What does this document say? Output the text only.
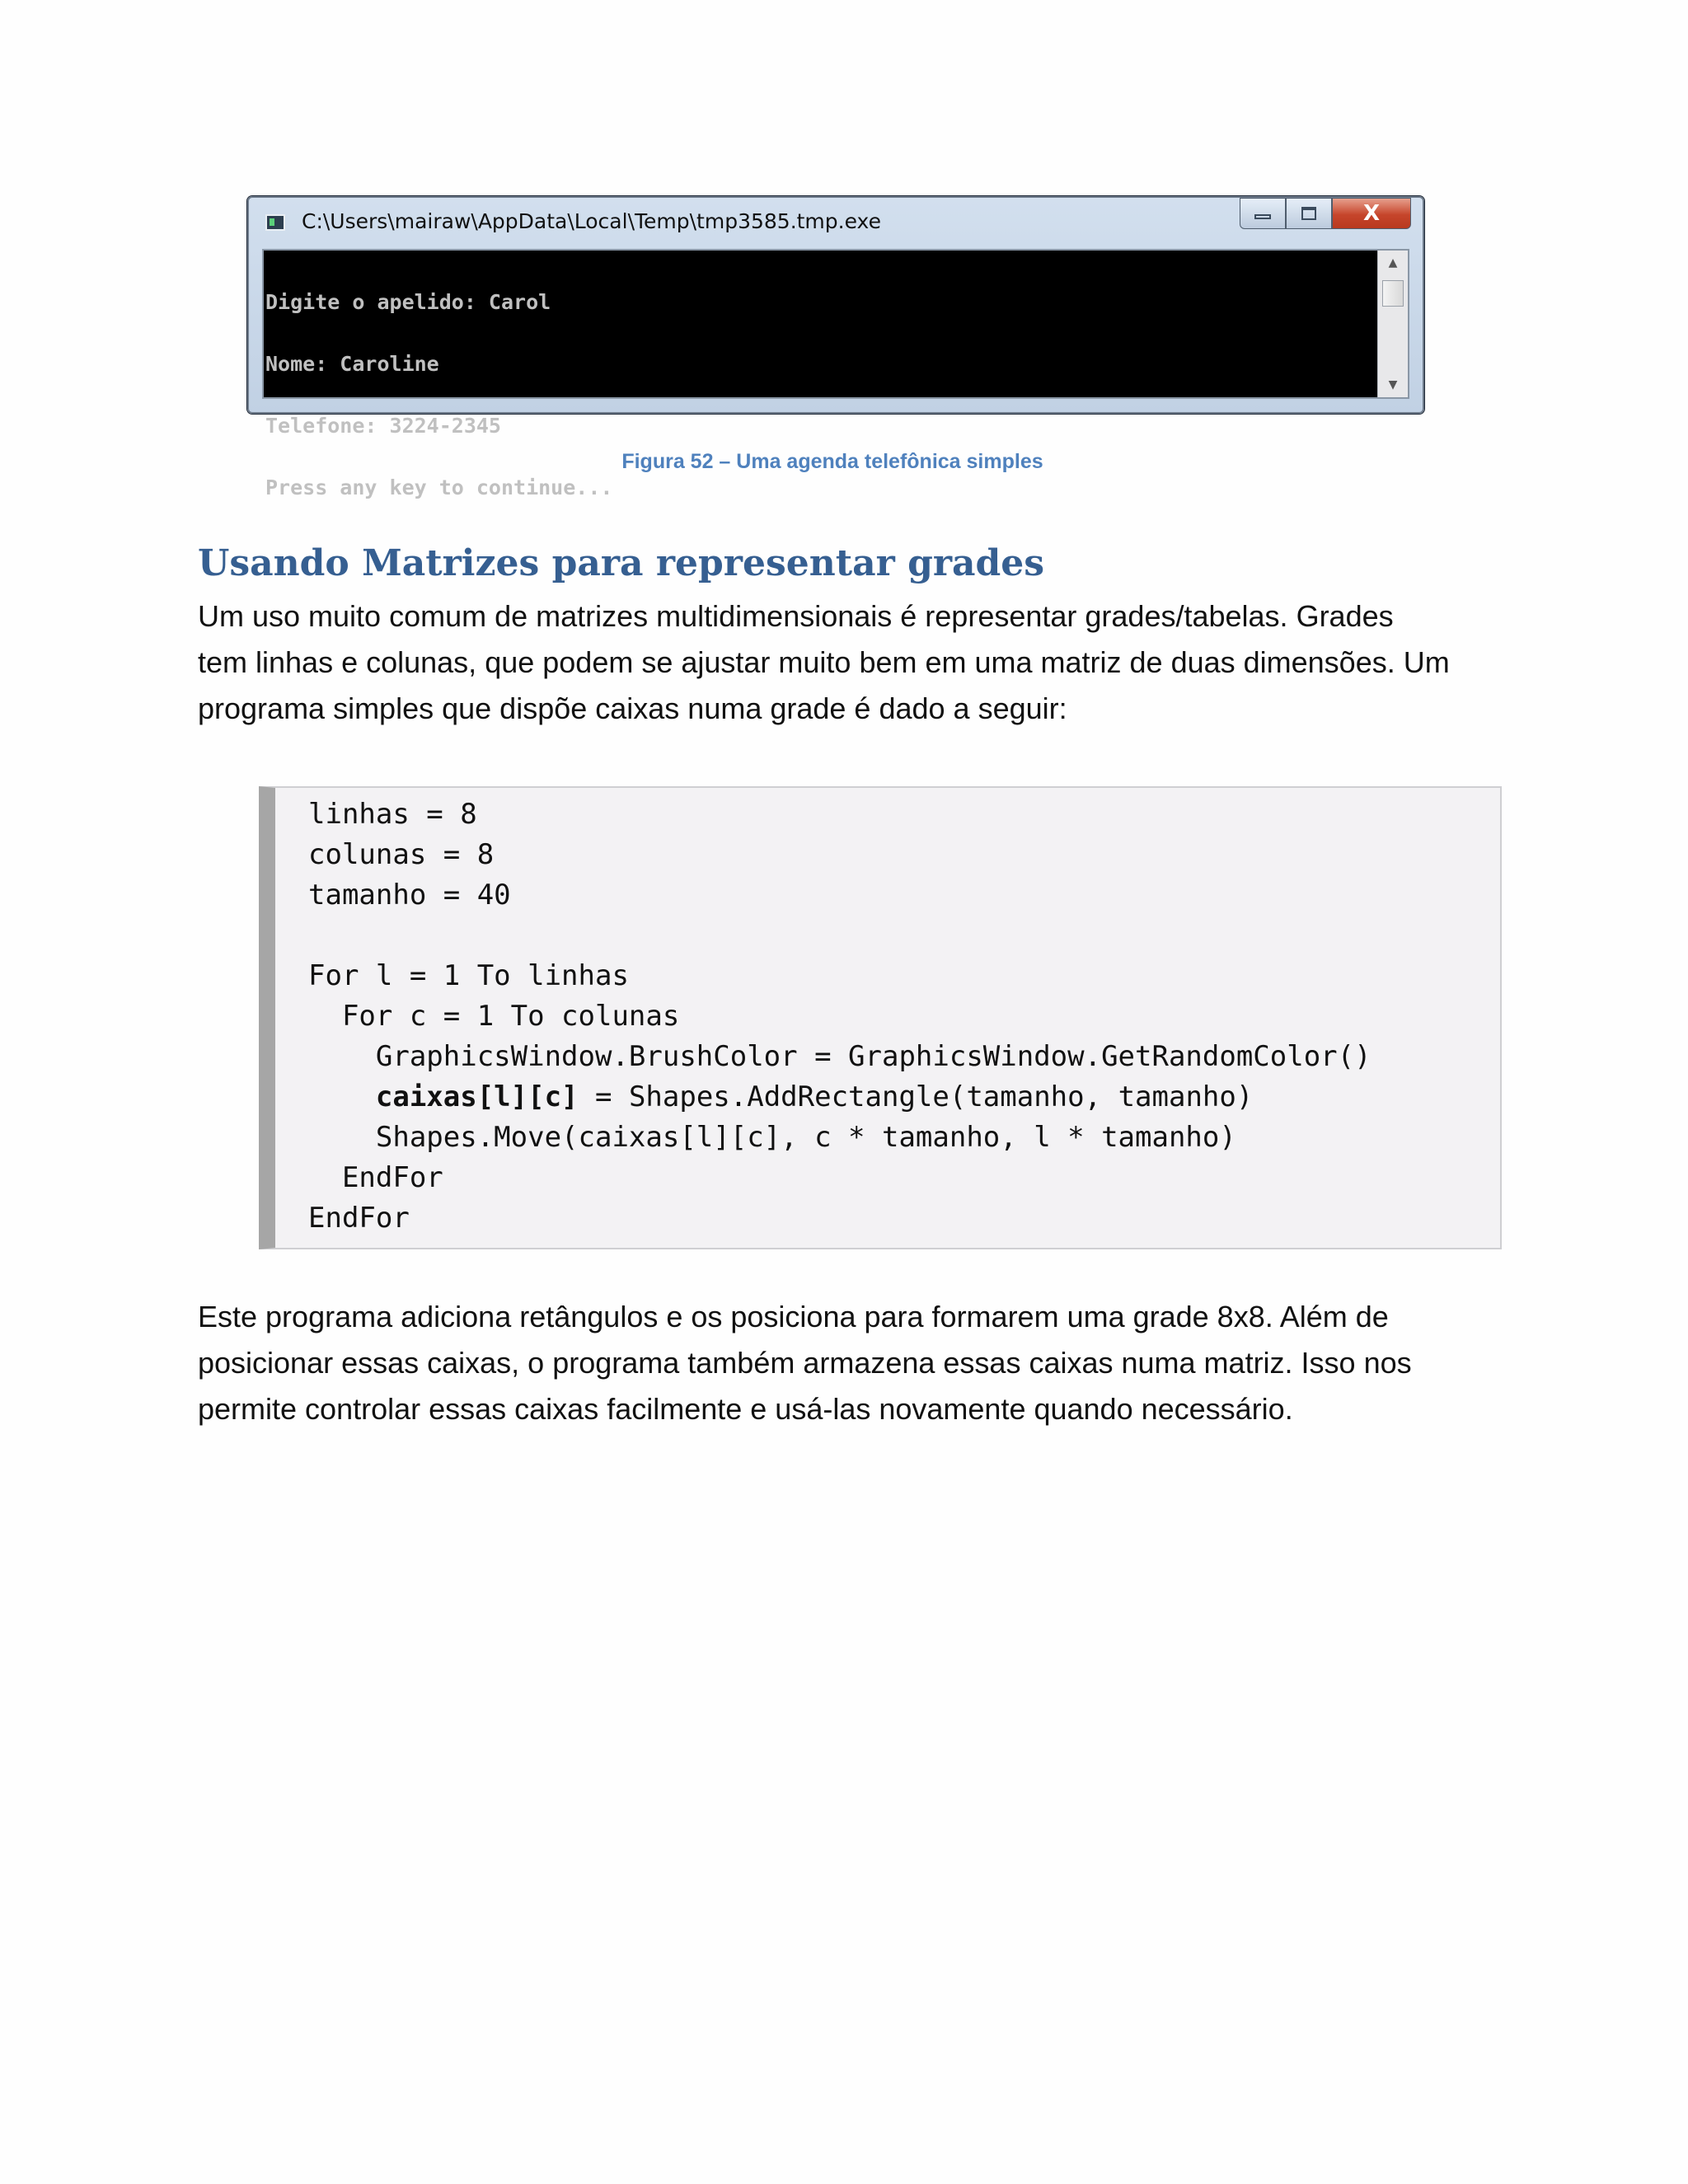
C:\Users\mairaw\AppData\Local\Temp\tmp3585.tmp.exe	X

Digite o apelido: Carol

Nome: Caroline

Telefone: 3224-2345

Press any key to continue...

▲
▼
Figura 52 – Uma agenda telefônica simples
Usando Matrizes para representar grades

Um uso muito comum de matrizes multidimensionais é representar grades/tabelas. Grades
tem linhas e colunas, que podem se ajustar muito bem em uma matriz de duas dimensões. Um
programa simples que dispõe caixas numa grade é dado a seguir:

linhas = 8
colunas = 8
tamanho = 40
For l = 1 To linhas
For c = 1 To colunas
GraphicsWindow.BrushColor = GraphicsWindow.GetRandomColor()
caixas[l][c] = Shapes.AddRectangle(tamanho, tamanho)
Shapes.Move(caixas[l][c], c * tamanho, l * tamanho)
EndFor
EndFor

Este programa adiciona retângulos e os posiciona para formarem uma grade 8x8. Além de
posicionar essas caixas, o programa também armazena essas caixas numa matriz. Isso nos
permite controlar essas caixas facilmente e usá-las novamente quando necessário.
